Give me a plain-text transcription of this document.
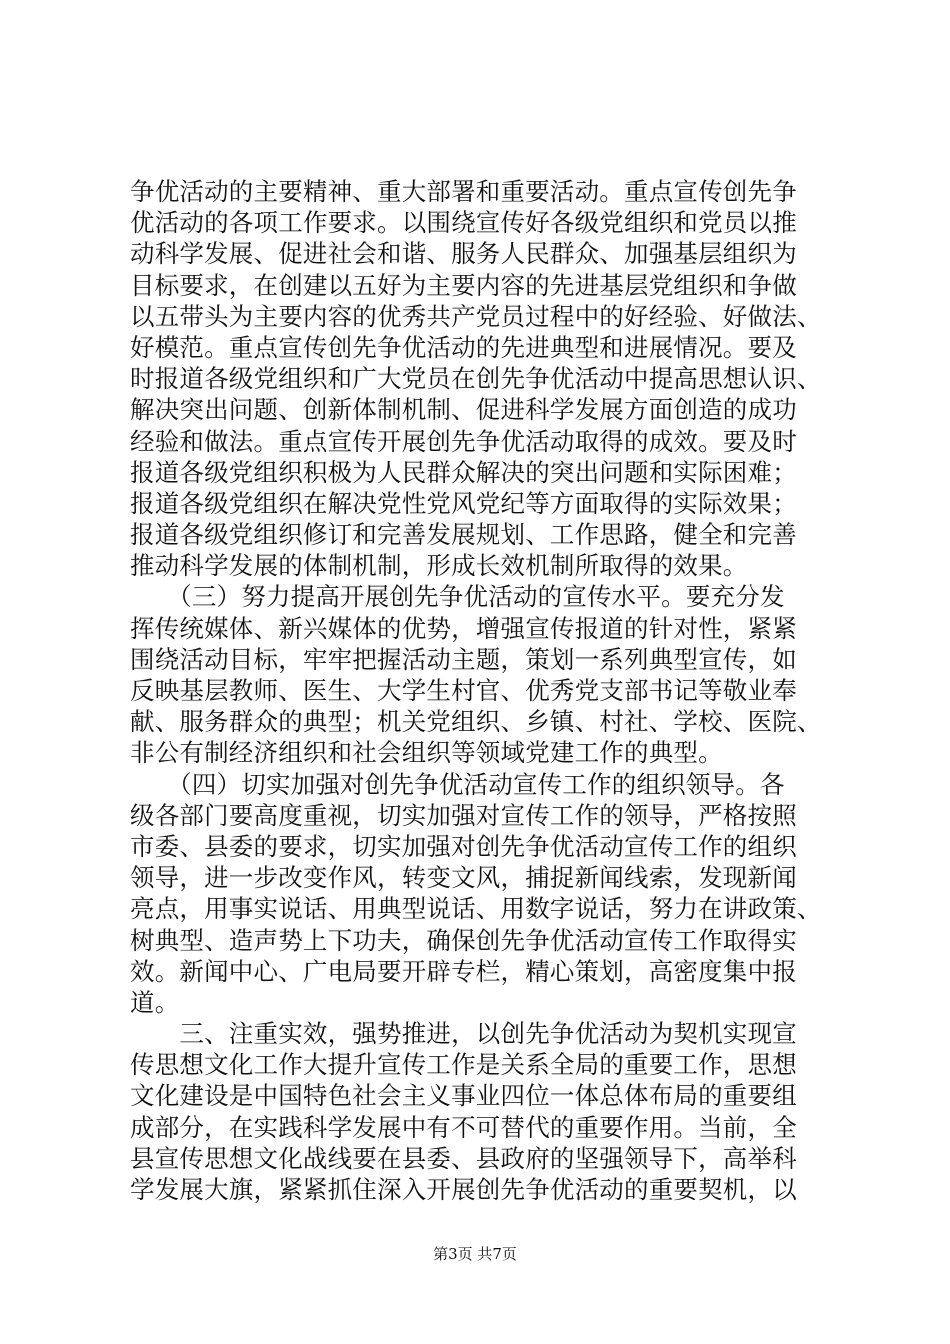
争优活动的主要精神、重大部署和重要活动。重点宣传创先争
优活动的各项工作要求。以围绕宣传好各级党组织和党员以推
动科学发展、促进社会和谐、服务人民群众、加强基层组织为
目标要求，在创建以五好为主要内容的先进基层党组织和争做
以五带头为主要内容的优秀共产党员过程中的好经验、好做法、
好模范。重点宣传创先争优活动的先进典型和进展情况。要及
时报道各级党组织和广大党员在创先争优活动中提高思想认识、
解决突出问题、创新体制机制、促进科学发展方面创造的成功
经验和做法。重点宣传开展创先争优活动取得的成效。要及时
报道各级党组织积极为人民群众解决的突出问题和实际困难；
报道各级党组织在解决党性党风党纪等方面取得的实际效果；
报道各级党组织修订和完善发展规划、工作思路，健全和完善
推动科学发展的体制机制，形成长效机制所取得的效果。
　　（三）努力提高开展创先争优活动的宣传水平。要充分发
挥传统媒体、新兴媒体的优势，增强宣传报道的针对性，紧紧
围绕活动目标，牢牢把握活动主题，策划一系列典型宣传，如
反映基层教师、医生、大学生村官、优秀党支部书记等敬业奉
献、服务群众的典型；机关党组织、乡镇、村社、学校、医院、
非公有制经济组织和社会组织等领域党建工作的典型。
　　（四）切实加强对创先争优活动宣传工作的组织领导。各
级各部门要高度重视，切实加强对宣传工作的领导，严格按照
市委、县委的要求，切实加强对创先争优活动宣传工作的组织
领导，进一步改变作风，转变文风，捕捉新闻线索，发现新闻
亮点，用事实说话、用典型说话、用数字说话，努力在讲政策、
树典型、造声势上下功夫，确保创先争优活动宣传工作取得实
效。新闻中心、广电局要开辟专栏，精心策划，高密度集中报
道。
　　三、注重实效，强势推进，以创先争优活动为契机实现宣
传思想文化工作大提升宣传工作是关系全局的重要工作，思想
文化建设是中国特色社会主义事业四位一体总体布局的重要组
成部分，在实践科学发展中有不可替代的重要作用。当前，全
县宣传思想文化战线要在县委、县政府的坚强领导下，高举科
学发展大旗，紧紧抓住深入开展创先争优活动的重要契机，以
第3页 共7页
